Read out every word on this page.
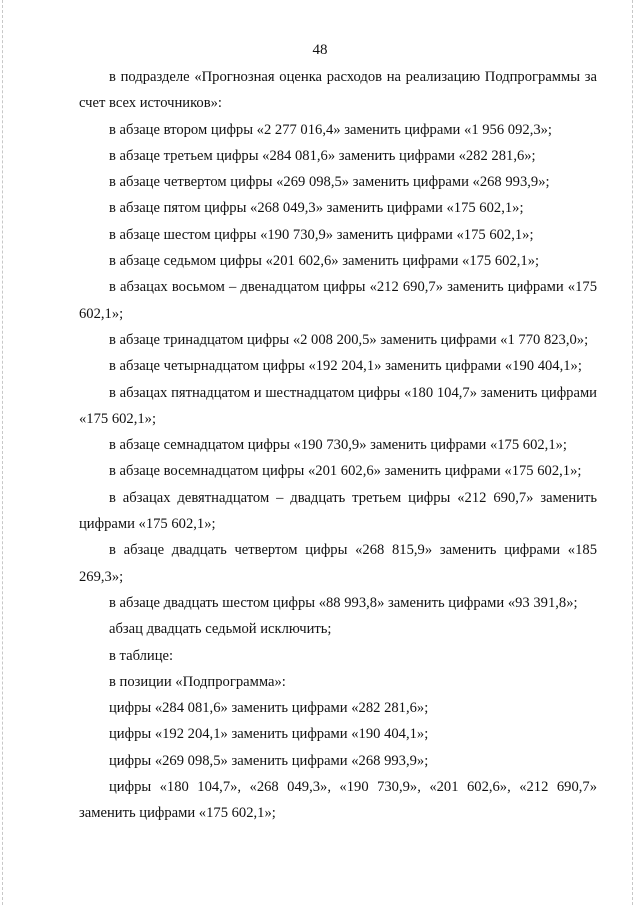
48

в подразделе «Прогнозная оценка расходов на реализацию Подпрограммы за счет всех источников»:

в абзаце втором цифры «2 277 016,4» заменить цифрами «1 956 092,3»;

в абзаце третьем цифры «284 081,6» заменить цифрами «282 281,6»;

в абзаце четвертом цифры «269 098,5» заменить цифрами «268 993,9»;

в абзаце пятом цифры «268 049,3» заменить цифрами «175 602,1»;

в абзаце шестом цифры «190 730,9» заменить цифрами «175 602,1»;

в абзаце седьмом цифры «201 602,6» заменить цифрами «175 602,1»;

в абзацах восьмом – двенадцатом цифры «212 690,7» заменить цифрами «175 602,1»;

в абзаце тринадцатом цифры «2 008 200,5» заменить цифрами «1 770 823,0»;

в абзаце четырнадцатом цифры «192 204,1» заменить цифрами «190 404,1»;

в абзацах пятнадцатом и шестнадцатом цифры «180 104,7» заменить цифрами «175 602,1»;

в абзаце семнадцатом цифры «190 730,9» заменить цифрами «175 602,1»;

в абзаце восемнадцатом цифры «201 602,6» заменить цифрами «175 602,1»;

в абзацах девятнадцатом – двадцать третьем цифры «212 690,7» заменить цифрами «175 602,1»;

в абзаце двадцать четвертом цифры «268 815,9» заменить цифрами «185 269,3»;

в абзаце двадцать шестом цифры «88 993,8» заменить цифрами «93 391,8»;

абзац двадцать седьмой исключить;

в таблице:

в позиции «Подпрограмма»:

цифры «284 081,6» заменить цифрами «282 281,6»;

цифры «192 204,1» заменить цифрами «190 404,1»;

цифры «269 098,5» заменить цифрами «268 993,9»;

цифры «180 104,7», «268 049,3», «190 730,9», «201 602,6», «212 690,7» заменить цифрами «175 602,1»;
